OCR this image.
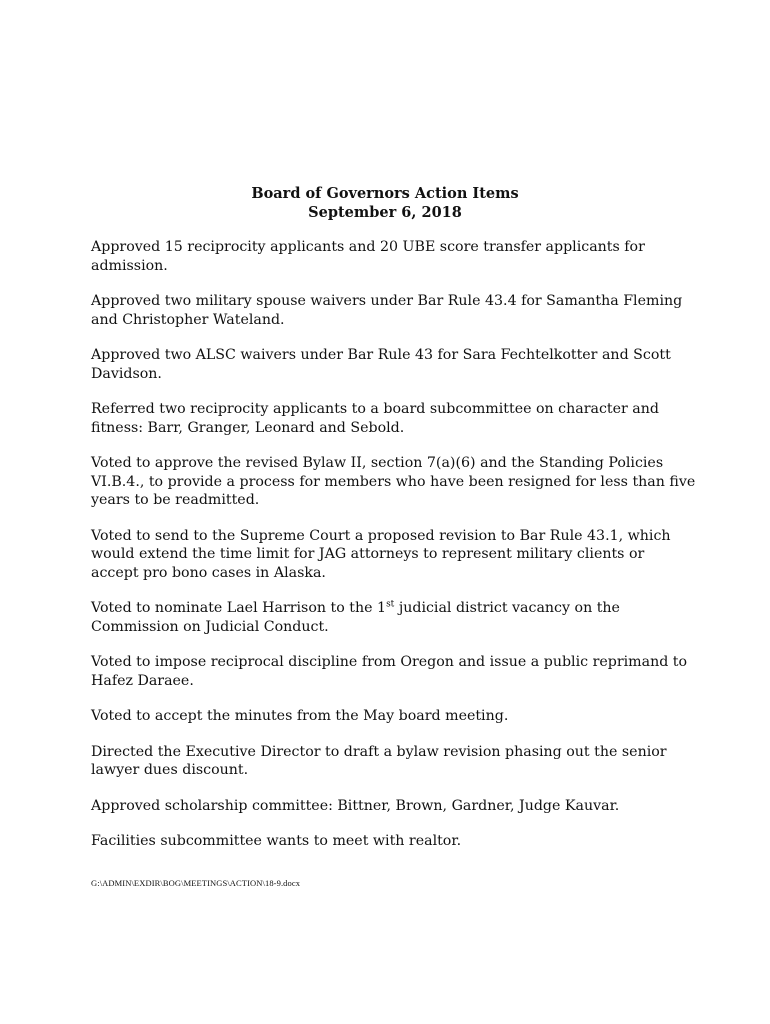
Board of Governors Action Items
September 6, 2018

Approved 15 reciprocity applicants and 20 UBE score transfer applicants for admission.

Approved two military spouse waivers under Bar Rule 43.4 for Samantha Fleming and Christopher Wateland.

Approved two ALSC waivers under Bar Rule 43 for Sara Fechtelkotter and Scott Davidson.

Referred two reciprocity applicants to a board subcommittee on character and fitness: Barr, Granger, Leonard and Sebold.

Voted to approve the revised Bylaw II, section 7(a)(6) and the Standing Policies VI.B.4., to provide a process for members who have been resigned for less than five years to be readmitted.

Voted to send to the Supreme Court a proposed revision to Bar Rule 43.1, which would extend the time limit for JAG attorneys to represent military clients or accept pro bono cases in Alaska.

Voted to nominate Lael Harrison to the 1st judicial district vacancy on the Commission on Judicial Conduct.

Voted to impose reciprocal discipline from Oregon and issue a public reprimand to Hafez Daraee.

Voted to accept the minutes from the May board meeting.

Directed the Executive Director to draft a bylaw revision phasing out the senior lawyer dues discount.

Approved scholarship committee: Bittner, Brown, Gardner, Judge Kauvar.

Facilities subcommittee wants to meet with realtor.

G:\ADMIN\EXDIR\BOG\MEETINGS\ACTION\18-9.docx
